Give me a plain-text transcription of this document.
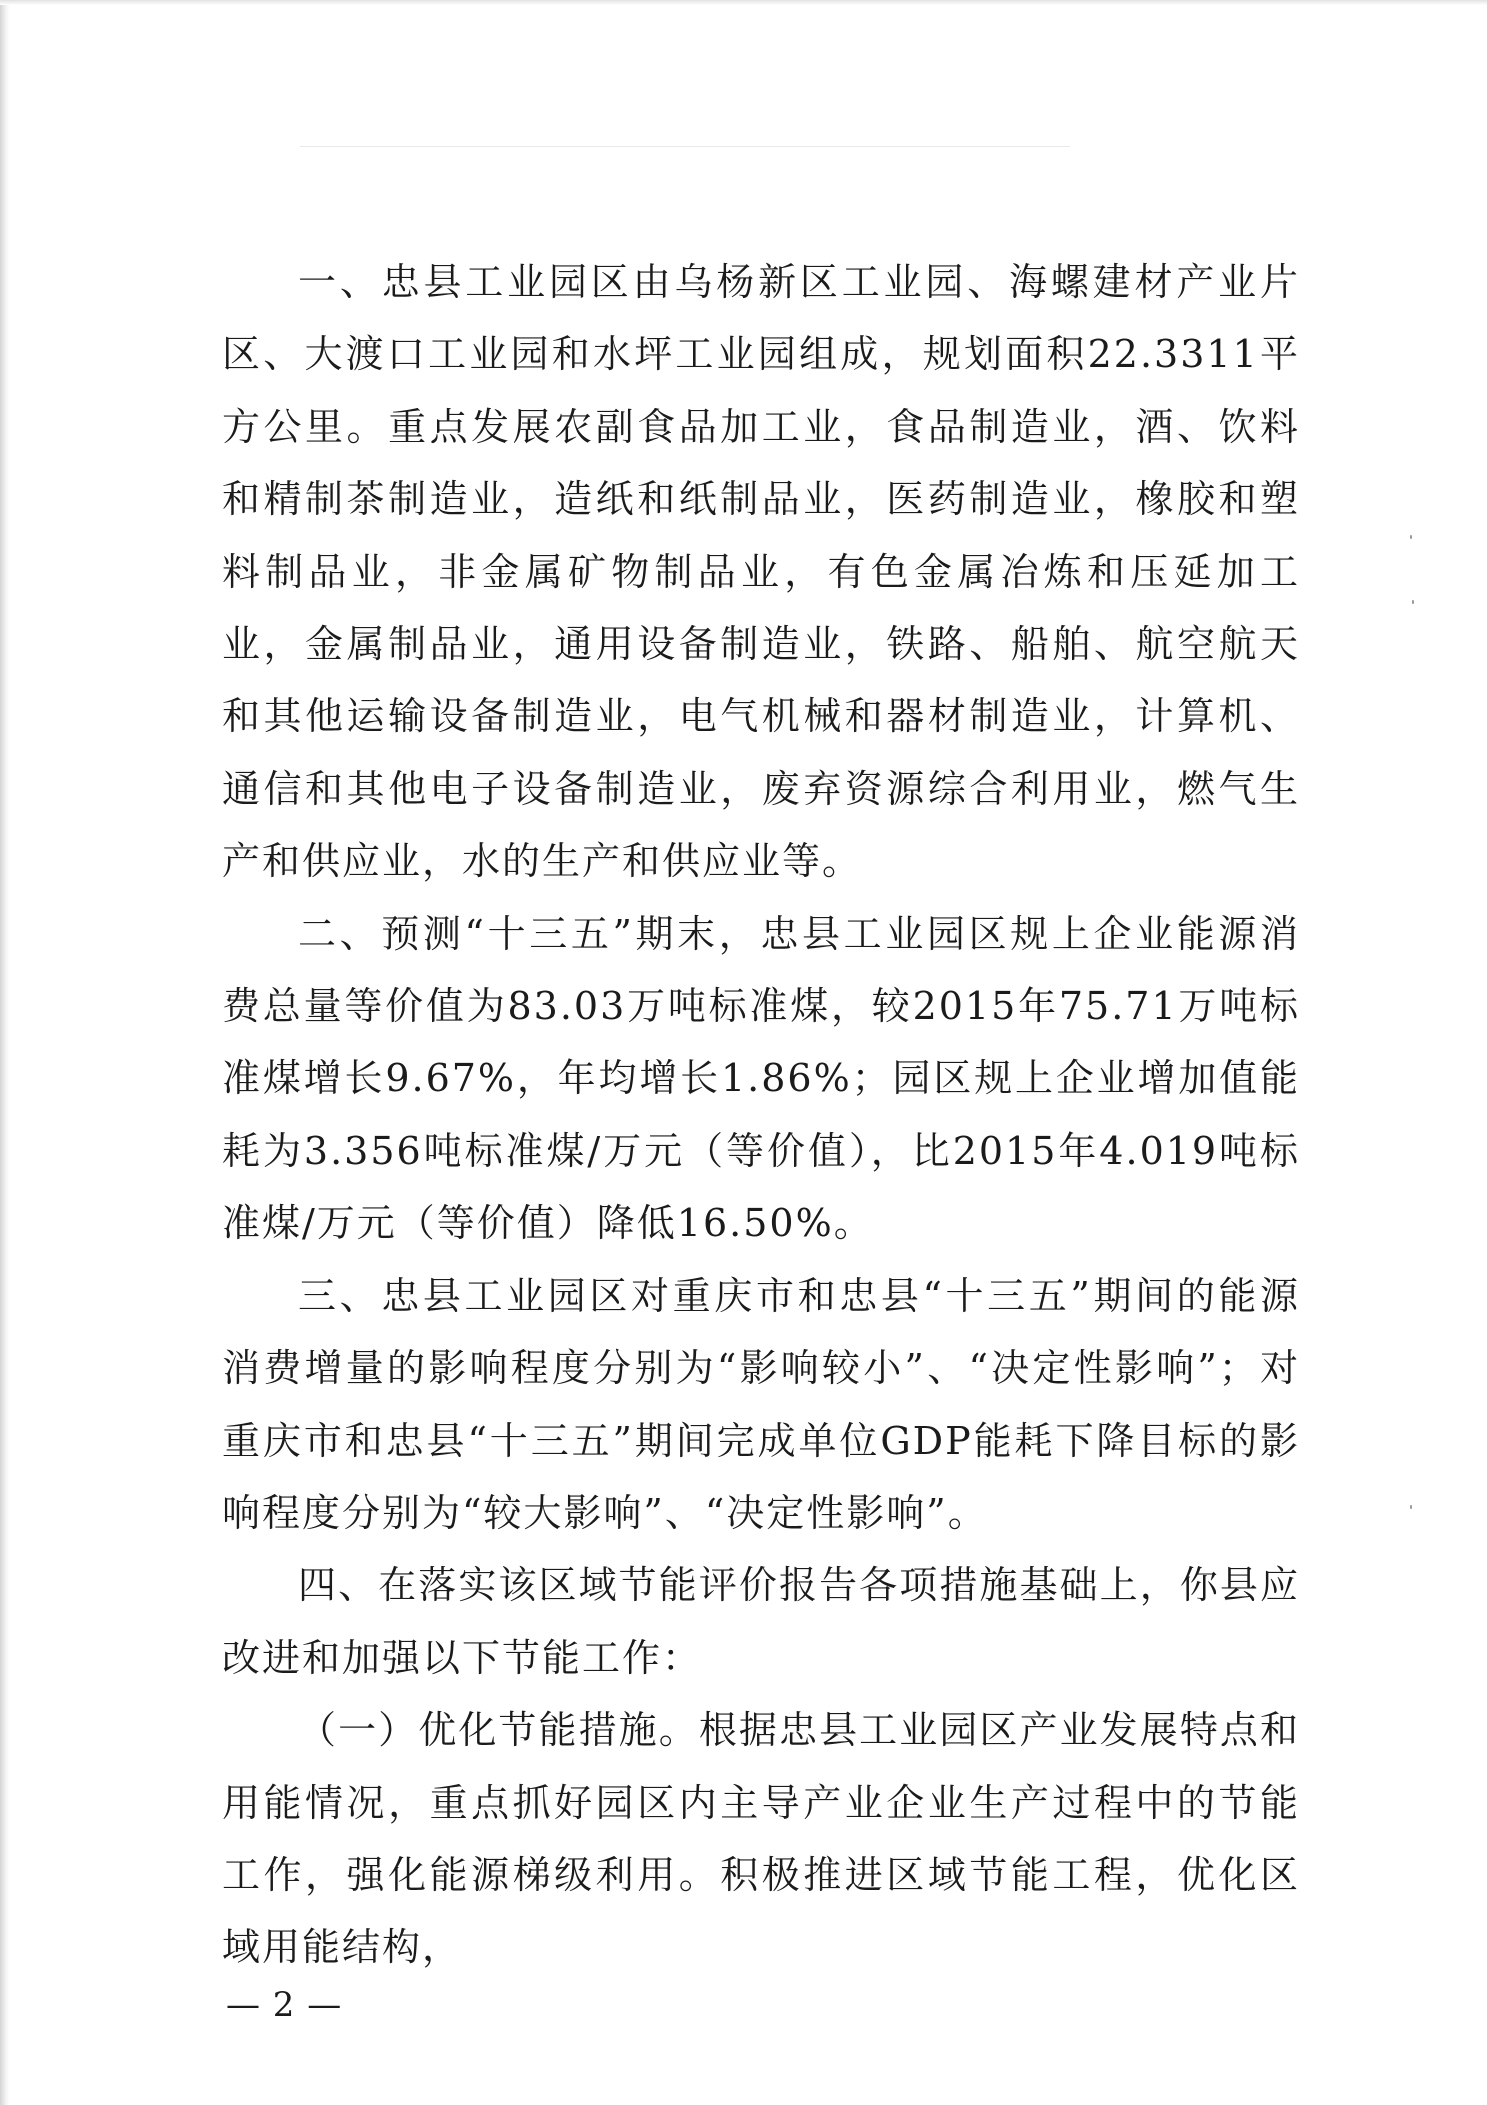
一、忠县工业园区由乌杨新区工业园、海螺建材产业片区、大渡口工业园和水坪工业园组成，规划面积22.3311平方公里。重点发展农副食品加工业，食品制造业，酒、饮料和精制茶制造业，造纸和纸制品业，医药制造业，橡胶和塑料制品业，非金属矿物制品业，有色金属冶炼和压延加工业，金属制品业，通用设备制造业，铁路、船舶、航空航天和其他运输设备制造业，电气机械和器材制造业，计算机、通信和其他电子设备制造业，废弃资源综合利用业，燃气生产和供应业，水的生产和供应业等。

二、预测“十三五”期末，忠县工业园区规上企业能源消费总量等价值为83.03万吨标准煤，较2015年75.71万吨标准煤增长9.67%，年均增长1.86%；园区规上企业增加值能耗为3.356吨标准煤/万元（等价值），比2015年4.019吨标准煤/万元（等价值）降低16.50%。

三、忠县工业园区对重庆市和忠县“十三五”期间的能源消费增量的影响程度分别为“影响较小”、“决定性影响”；对重庆市和忠县“十三五”期间完成单位GDP能耗下降目标的影响程度分别为“较大影响”、“决定性影响”。

四、在落实该区域节能评价报告各项措施基础上，你县应改进和加强以下节能工作：

（一）优化节能措施。根据忠县工业园区产业发展特点和用能情况，重点抓好园区内主导产业企业生产过程中的节能工作，强化能源梯级利用。积极推进区域节能工程，优化区域用能结构，

— 2 —
